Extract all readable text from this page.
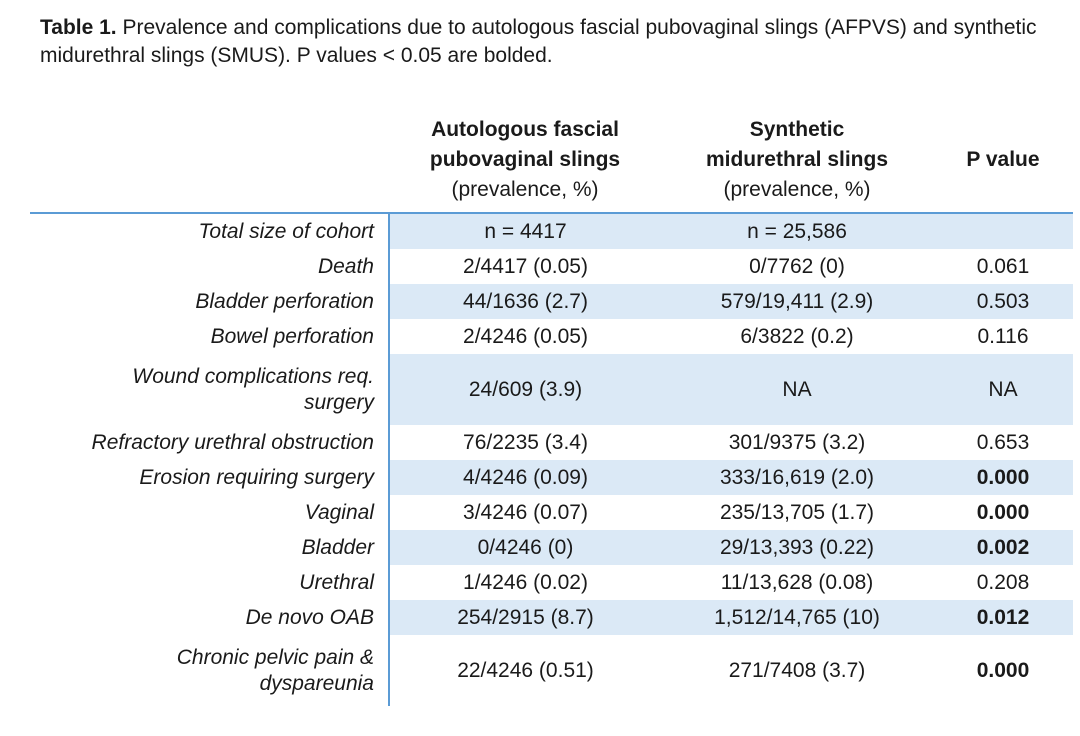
Table 1. Prevalence and complications due to autologous fascial pubovaginal slings (AFPVS) and synthetic midurethral slings (SMUS). P values < 0.05 are bolded.

	Autologous fascial
pubovaginal slings
(prevalence, %)	Synthetic
midurethral slings
(prevalence, %)	P value

Total size of cohort	n = 4417	n = 25,586	
Death	2/4417 (0.05)	0/7762 (0)	0.061
Bladder perforation	44/1636 (2.7)	579/19,411 (2.9)	0.503
Bowel perforation	2/4246 (0.05)	6/3822 (0.2)	0.116
Wound complications req.
surgery	24/609 (3.9)	NA	NA
Refractory urethral obstruction	76/2235 (3.4)	301/9375 (3.2)	0.653
Erosion requiring surgery	4/4246 (0.09)	333/16,619 (2.0)	0.000
Vaginal	3/4246 (0.07)	235/13,705 (1.7)	0.000
Bladder	0/4246 (0)	29/13,393 (0.22)	0.002
Urethral	1/4246 (0.02)	11/13,628 (0.08)	0.208
De novo OAB	254/2915 (8.7)	1,512/14,765 (10)	0.012
Chronic pelvic pain &
dyspareunia	22/4246 (0.51)	271/7408 (3.7)	0.000
